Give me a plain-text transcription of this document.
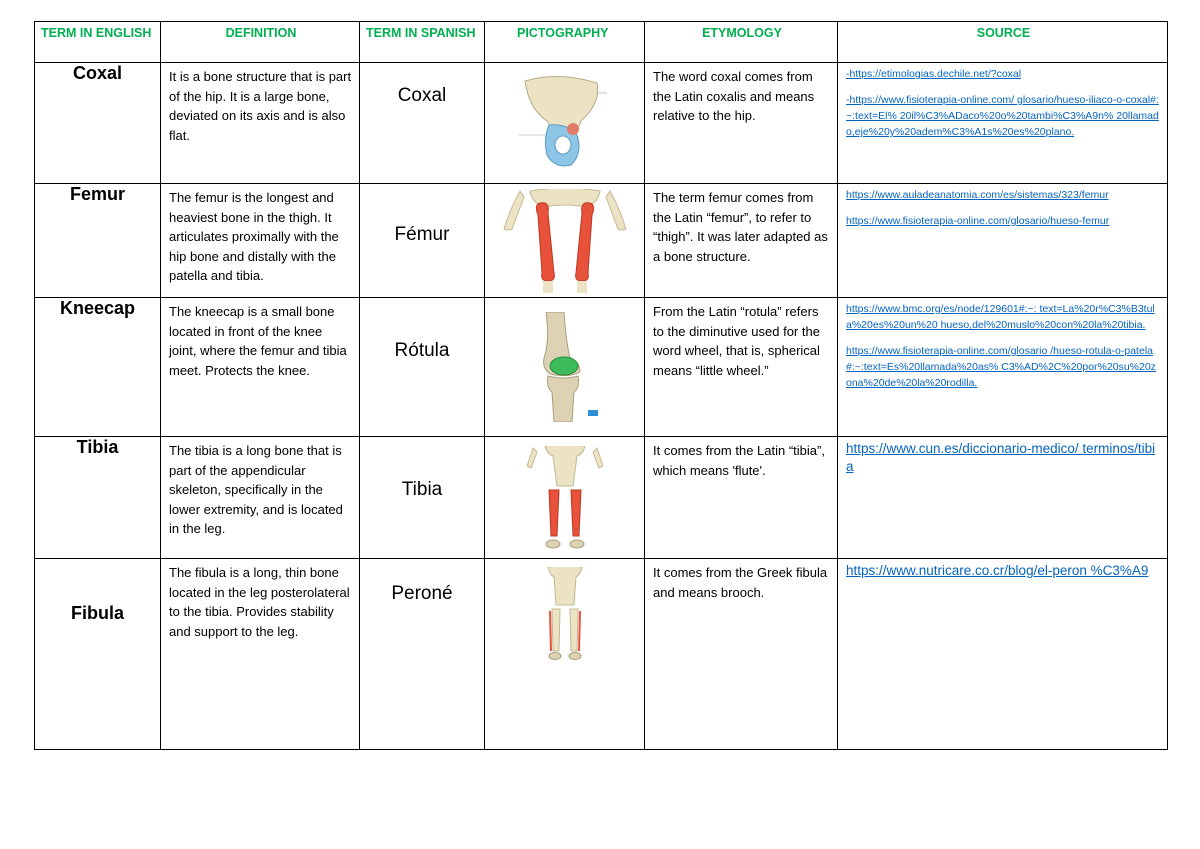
TERM IN ENGLISH	DEFINITION	TERM IN SPANISH	PICTOGRAPHY	ETYMOLOGY	SOURCE

Coxal	It is a bone structure that is part of the hip. It is a large bone, deviated on its axis and is also flat.	Coxal		The word coxal comes from the Latin coxalis and means relative to the hip.	-https://etimologias.dechile.net/?coxal
-https://www.fisioterapia-online.com/ glosario/hueso-iliaco-o-coxal#:~:text=El% 20il%C3%ADaco%20o%20tambi%C3%A9n% 20llamado,eje%20y%20adem%C3%A1s%20es%20plano.

Femur	The femur is the longest and heaviest bone in the thigh. It articulates proximally with the hip bone and distally with the patella and tibia.	Fémur		The term femur comes from the Latin “femur”, to refer to “thigh”. It was later adapted as a bone structure.	https://www.auladeanatomia.com/es/sistemas/323/femur
https://www.fisioterapia-online.com/glosario/hueso-femur

Kneecap	The kneecap is a small bone located in front of the knee joint, where the femur and tibia meet. Protects the knee.	Rótula		From the Latin “rotula” refers to the diminutive used for the word wheel, that is, spherical means “little wheel.”	https://www.bmc.org/es/node/129601#:~: text=La%20r%C3%B3tula%20es%20un%20 hueso,del%20muslo%20con%20la%20tibia.
https://www.fisioterapia-online.com/glosario /hueso-rotula-o-patela#:~:text=Es%20llamada%20as% C3%AD%2C%20por%20su%20zona%20de%20la%20rodilla.

Tibia	The tibia is a long bone that is part of the appendicular skeleton, specifically in the lower extremity, and is located in the leg.	Tibia		It comes from the Latin “tibia”, which means 'flute'.	https://www.cun.es/diccionario-medico/ terminos/tibia

Fibula	The fibula is a long, thin bone located in the leg posterolateral to the tibia. Provides stability and support to the leg.	Peroné		It comes from the Greek fibula and means brooch.	https://www.nutricare.co.cr/blog/el-peron %C3%A9
